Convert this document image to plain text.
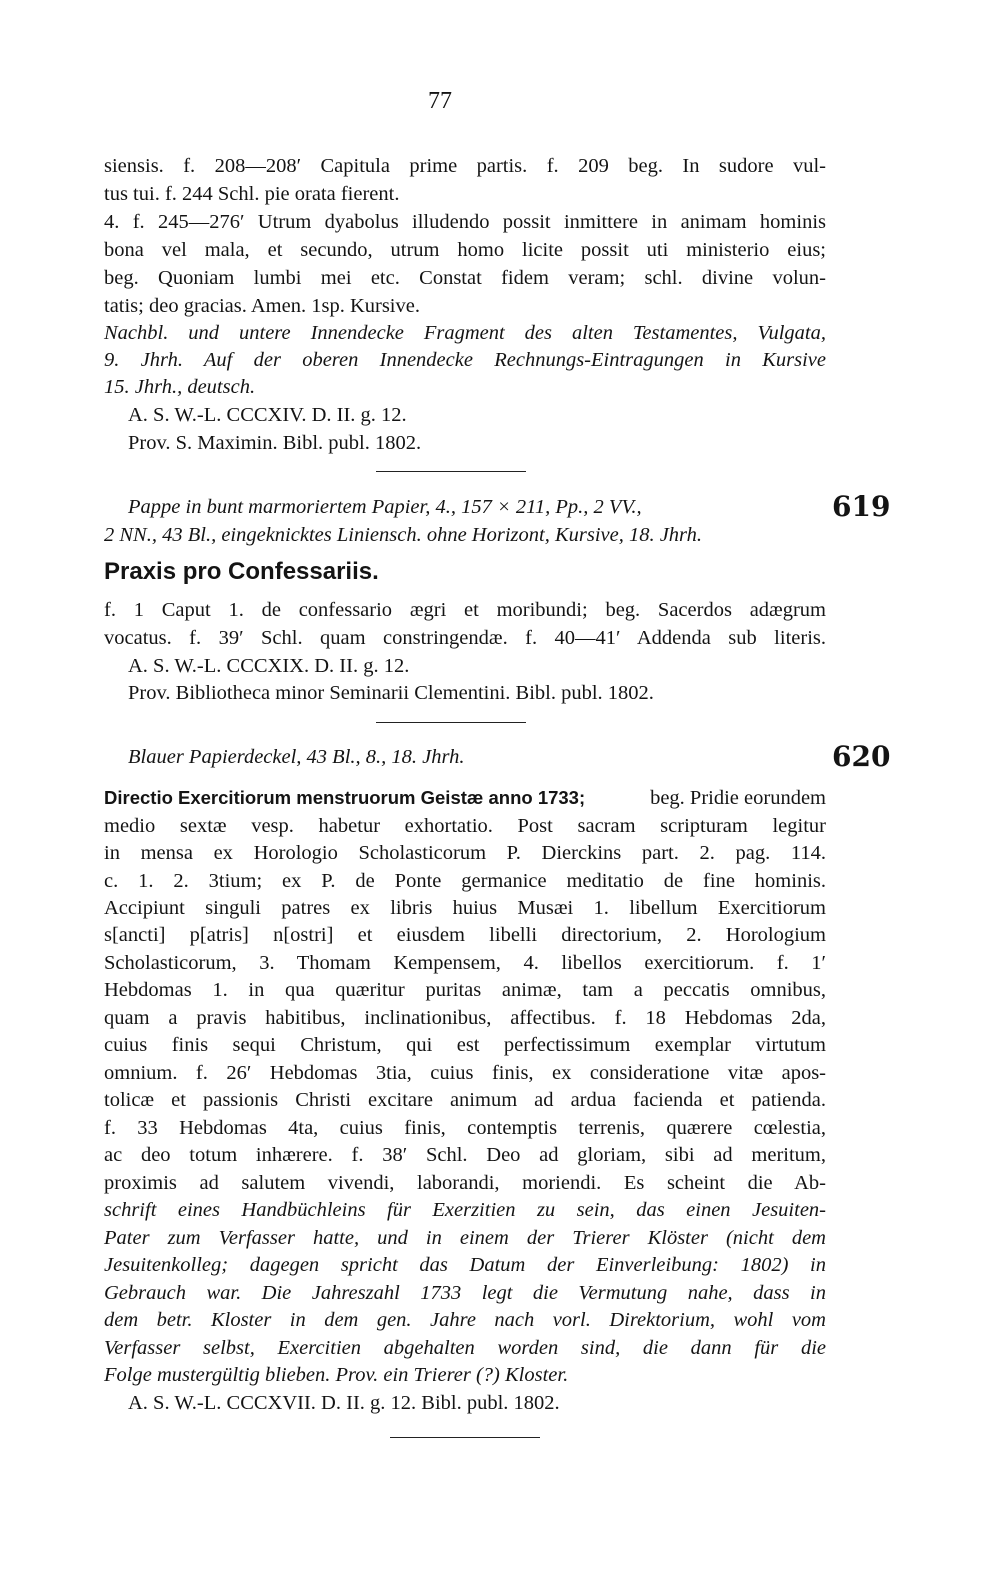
77
siensis. f. 208—208′ Capitula prime partis. f. 209 beg. In sudore vul-
tus tui. f. 244 Schl. pie orata fierent.
4. f. 245—276′ Utrum dyabolus illudendo possit inmittere in animam hominis
bona vel mala, et secundo, utrum homo licite possit uti ministerio eius;
beg. Quoniam lumbi mei etc. Constat fidem veram; schl. divine volun-
tatis; deo gracias. Amen. 1sp. Kursive.
Nachbl. und untere Innendecke Fragment des alten Testamentes, Vulgata,
9. Jhrh. Auf der oberen Innendecke Rechnungs-Eintragungen in Kursive
15. Jhrh., deutsch.
A. S. W.-L. CCCXIV. D. II. g. 12.
Prov. S. Maximin. Bibl. publ. 1802.
Pappe in bunt marmoriertem Papier, 4., 157 × 211, Pp., 2 VV.,	619
2 NN., 43 Bl., eingeknicktes Liniensch. ohne Horizont, Kursive, 18. Jhrh.
Praxis pro Confessariis.
f. 1 Caput 1. de confessario ægri et moribundi; beg. Sacerdos adægrum
vocatus. f. 39′ Schl. quam constringendæ. f. 40—41′ Addenda sub literis.
A. S. W.-L. CCCXIX. D. II. g. 12.
Prov. Bibliotheca minor Seminarii Clementini. Bibl. publ. 1802.
Blauer Papierdeckel, 43 Bl., 8., 18. Jhrh.	620
Directio Exercitiorum menstruorum Geistæ anno 1733;	beg. Pridie eorundem
medio sextæ vesp. habetur exhortatio. Post sacram scripturam legitur
in mensa ex Horologio Scholasticorum P. Dierckins part. 2. pag. 114.
c. 1. 2. 3tium; ex P. de Ponte germanice meditatio de fine hominis.
Accipiunt singuli patres ex libris huius Musæi 1. libellum Exercitiorum
s[ancti] p[atris] n[ostri] et eiusdem libelli directorium, 2. Horologium
Scholasticorum, 3. Thomam Kempensem, 4. libellos exercitiorum. f. 1′
Hebdomas 1. in qua quæritur puritas animæ, tam a peccatis omnibus,
quam a pravis habitibus, inclinationibus, affectibus. f. 18 Hebdomas 2da,
cuius finis sequi Christum, qui est perfectissimum exemplar virtutum
omnium. f. 26′ Hebdomas 3tia, cuius finis, ex consideratione vitæ apos-
tolicæ et passionis Christi excitare animum ad ardua facienda et patienda.
f. 33 Hebdomas 4ta, cuius finis, contemptis terrenis, quærere cœlestia,
ac deo totum inhærere. f. 38′ Schl. Deo ad gloriam, sibi ad meritum,
proximis ad salutem vivendi, laborandi, moriendi. Es scheint die Ab-
schrift eines Handbüchleins für Exerzitien zu sein, das einen Jesuiten-
Pater zum Verfasser hatte, und in einem der Trierer Klöster (nicht dem
Jesuitenkolleg; dagegen spricht das Datum der Einverleibung: 1802) in
Gebrauch war. Die Jahreszahl 1733 legt die Vermutung nahe, dass in
dem betr. Kloster in dem gen. Jahre nach vorl. Direktorium, wohl vom
Verfasser selbst, Exercitien abgehalten worden sind, die dann für die
Folge mustergültig blieben. Prov. ein Trierer (?) Kloster.
A. S. W.-L. CCCXVII. D. II. g. 12. Bibl. publ. 1802.
